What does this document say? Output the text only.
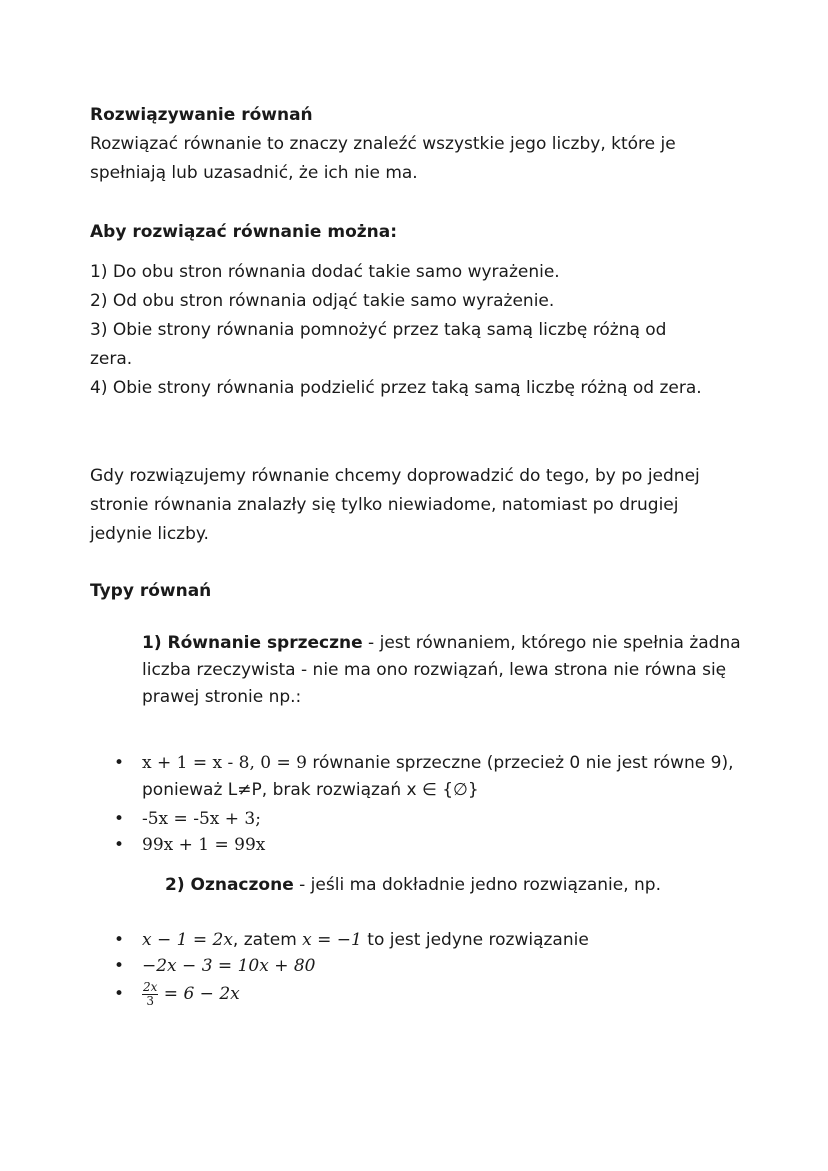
Rozwiązywanie równań

Rozwiązać równanie to znaczy znaleźć wszystkie jego liczby, które je spełniają lub uzasadnić, że ich nie ma.

Aby rozwiązać równanie można:

1) Do obu stron równania dodać takie samo wyrażenie.

2) Od obu stron równania odjąć takie samo wyrażenie.

3) Obie strony równania pomnożyć przez taką samą liczbę różną od zera.

4) Obie strony równania podzielić przez taką samą liczbę różną od zera.

Gdy rozwiązujemy równanie chcemy doprowadzić do tego, by po jednej stronie równania znalazły się tylko niewiadome, natomiast po drugiej jedynie liczby.

Typy równań

1) Równanie sprzeczne - jest równaniem, którego nie spełnia żadna liczba rzeczywista - nie ma ono rozwiązań, lewa strona nie równa się prawej stronie np.:

• x + 1 = x - 8, 0 = 9 równanie sprzeczne (przecież 0 nie jest równe 9), ponieważ L≠P, brak rozwiązań x ∈ {∅}
• -5x = -5x + 3;
• 99x + 1 = 99x

2) Oznaczone - jeśli ma dokładnie jedno rozwiązanie, np.

• x − 1 = 2x, zatem x = −1 to jest jedyne rozwiązanie
• −2x − 3 = 10x + 80
• $\frac{2x}{3} = 6 - 2x$
